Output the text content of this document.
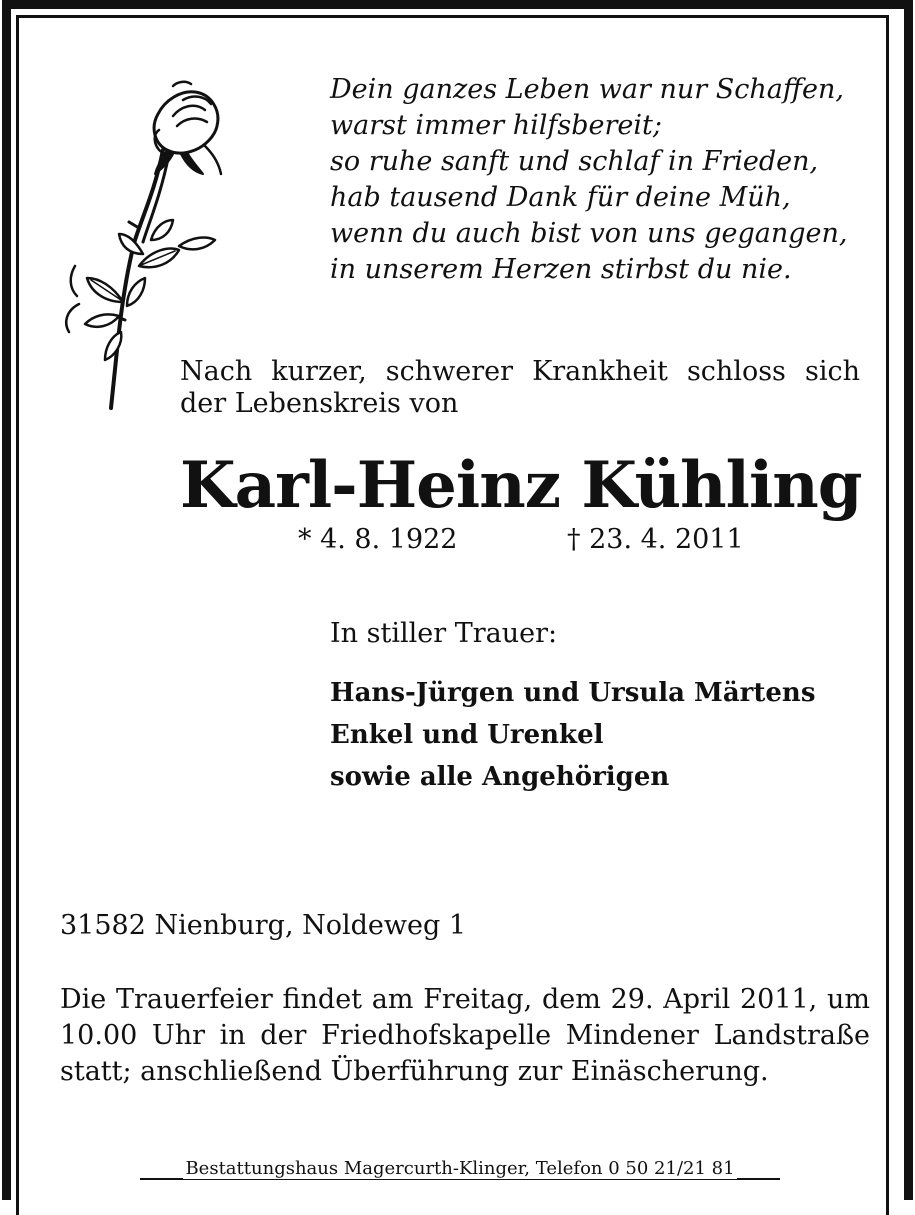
Dein ganzes Leben war nur Schaffen,
warst immer hilfsbereit;
so ruhe sanft und schlaf in Frieden,
hab tausend Dank für deine Müh,
wenn du auch bist von uns gegangen,
in unserem Herzen stirbst du nie.
Nach kurzer, schwerer Krankheit schloss sich
der Lebenskreis von
Karl-Heinz Kühling
* 4. 8. 1922	† 23. 4. 2011
In stiller Trauer:
Hans-Jürgen und Ursula Märtens
Enkel und Urenkel
sowie alle Angehörigen
31582 Nienburg, Noldeweg 1
Die Trauerfeier findet am Freitag, dem 29. April 2011, um
10.00 Uhr in der Friedhofskapelle Mindener Landstraße
statt; anschließend Überführung zur Einäscherung.
Bestattungshaus Magercurth-Klinger, Telefon 0 50 21/21 81
